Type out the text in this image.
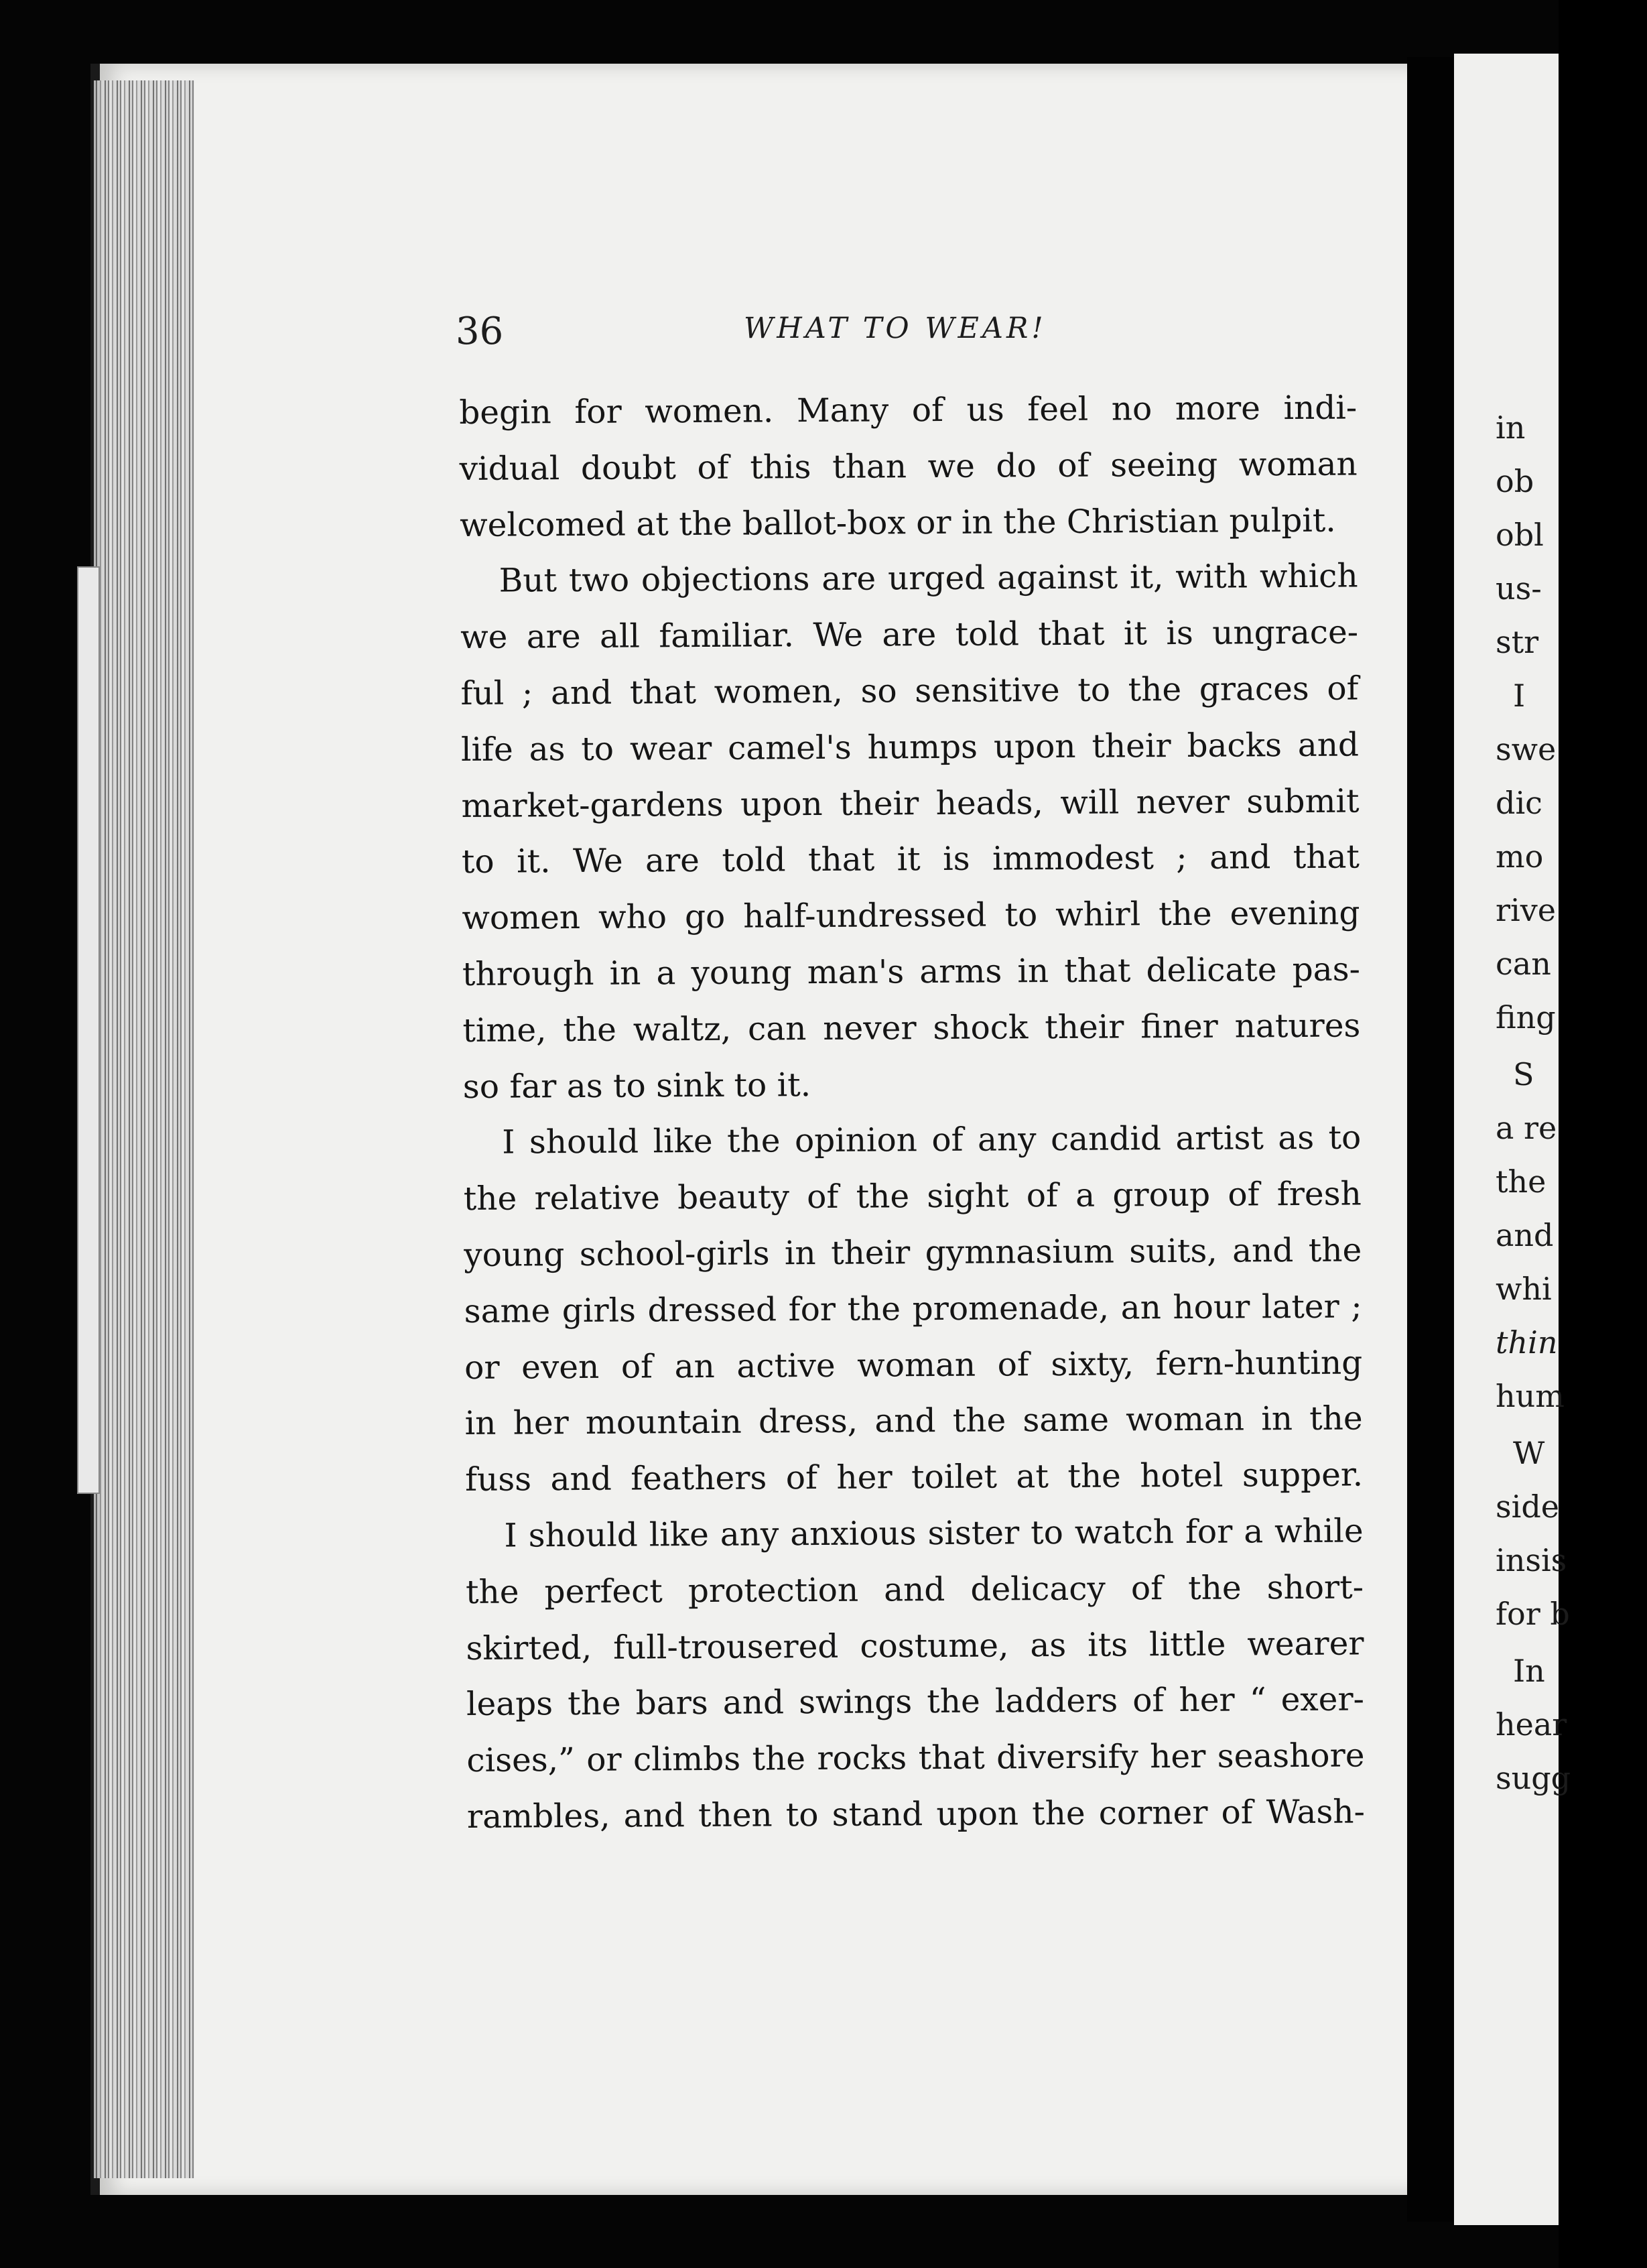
36	WHAT TO WEAR!
begin for women. Many of us feel no more indi-
vidual doubt of this than we do of seeing woman
welcomed at the ballot-box or in the Christian pulpit.
But two objections are urged against it, with which
we are all familiar. We are told that it is ungrace-
ful ; and that women, so sensitive to the graces of
life as to wear camel's humps upon their backs and
market-gardens upon their heads, will never submit
to it. We are told that it is immodest ; and that
women who go half-undressed to whirl the evening
through in a young man's arms in that delicate pas-
time, the waltz, can never shock their finer natures
so far as to sink to it.
I should like the opinion of any candid artist as to
the relative beauty of the sight of a group of fresh
young school-girls in their gymnasium suits, and the
same girls dressed for the promenade, an hour later ;
or even of an active woman of sixty, fern-hunting
in her mountain dress, and the same woman in the
fuss and feathers of her toilet at the hotel supper.
I should like any anxious sister to watch for a while
the perfect protection and delicacy of the short-
skirted, full-trousered costume, as its little wearer
leaps the bars and swings the ladders of her “ exer-
cises,” or climbs the rocks that diversify her seashore
rambles, and then to stand upon the corner of Wash-
in
ob
obl
us-
str
I
swe
dic
mo
rive
can
fing
S
a re
the
and
whi
thin
hum
W
side
insis
for b
In
hear
sugg
